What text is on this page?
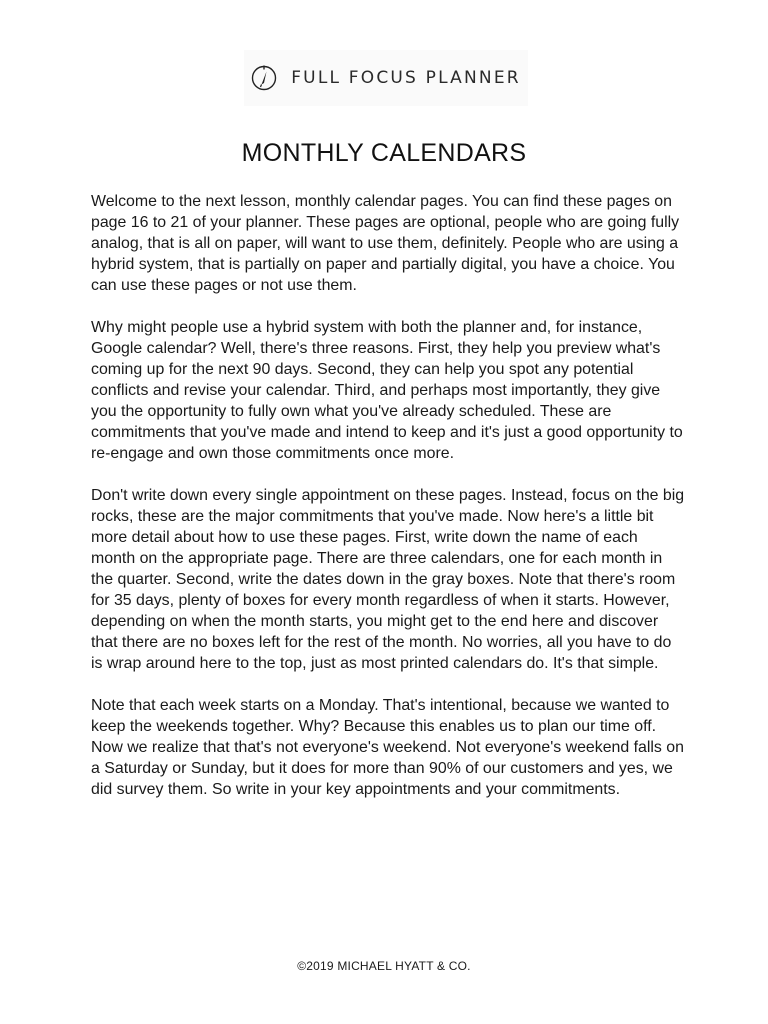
FULL FOCUS PLANNER
MONTHLY CALENDARS

Welcome to the next lesson, monthly calendar pages. You can find these pages on page 16 to 21 of your planner. These pages are optional, people who are going fully analog, that is all on paper, will want to use them, definitely. People who are using a hybrid system, that is partially on paper and partially digital, you have a choice. You can use these pages or not use them.

Why might people use a hybrid system with both the planner and, for instance, Google calendar? Well, there's three reasons. First, they help you preview what's coming up for the next 90 days. Second, they can help you spot any potential conflicts and revise your calendar. Third, and perhaps most importantly, they give you the opportunity to fully own what you've already scheduled. These are commitments that you've made and intend to keep and it's just a good opportunity to re-engage and own those commitments once more.

Don't write down every single appointment on these pages. Instead, focus on the big rocks, these are the major commitments that you've made. Now here's a little bit more detail about how to use these pages. First, write down the name of each month on the appropriate page. There are three calendars, one for each month in the quarter. Second, write the dates down in the gray boxes. Note that there's room for 35 days, plenty of boxes for every month regardless of when it starts. However, depending on when the month starts, you might get to the end here and discover that there are no boxes left for the rest of the month. No worries, all you have to do is wrap around here to the top, just as most printed calendars do. It's that simple.

Note that each week starts on a Monday. That's intentional, because we wanted to keep the weekends together. Why? Because this enables us to plan our time off. Now we realize that that's not everyone's weekend. Not everyone's weekend falls on a Saturday or Sunday, but it does for more than 90% of our customers and yes, we did survey them. So write in your key appointments and your commitments.

©2019 MICHAEL HYATT & CO.
